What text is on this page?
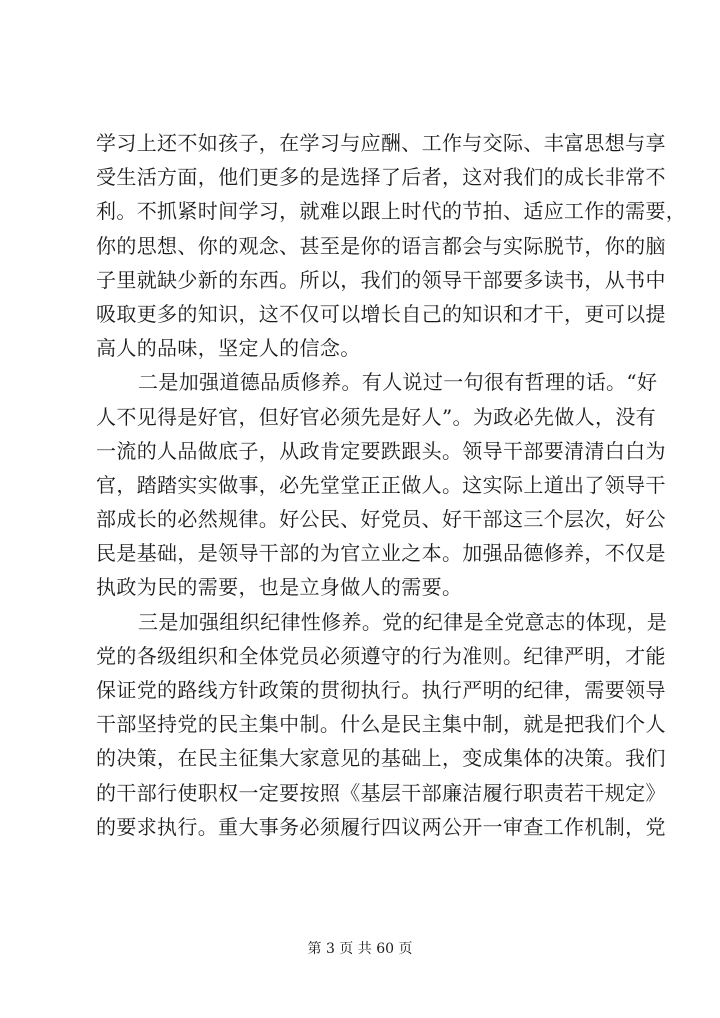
学习上还不如孩子，在学习与应酬、工作与交际、丰富思想与享
受生活方面，他们更多的是选择了后者，这对我们的成长非常不
利。不抓紧时间学习，就难以跟上时代的节拍、适应工作的需要，
你的思想、你的观念、甚至是你的语言都会与实际脱节，你的脑
子里就缺少新的东西。所以，我们的领导干部要多读书，从书中
吸取更多的知识，这不仅可以增长自己的知识和才干，更可以提
高人的品味，坚定人的信念。
二是加强道德品质修养。有人说过一句很有哲理的话。“好
人不见得是好官，但好官必须先是好人”。为政必先做人，没有
一流的人品做底子，从政肯定要跌跟头。领导干部要清清白白为
官，踏踏实实做事，必先堂堂正正做人。这实际上道出了领导干
部成长的必然规律。好公民、好党员、好干部这三个层次，好公
民是基础，是领导干部的为官立业之本。加强品德修养，不仅是
执政为民的需要，也是立身做人的需要。
三是加强组织纪律性修养。党的纪律是全党意志的体现，是
党的各级组织和全体党员必须遵守的行为准则。纪律严明，才能
保证党的路线方针政策的贯彻执行。执行严明的纪律，需要领导
干部坚持党的民主集中制。什么是民主集中制，就是把我们个人
的决策，在民主征集大家意见的基础上，变成集体的决策。我们
的干部行使职权一定要按照《基层干部廉洁履行职责若干规定》
的要求执行。重大事务必须履行四议两公开一审查工作机制，党
第 3 页 共 60 页
